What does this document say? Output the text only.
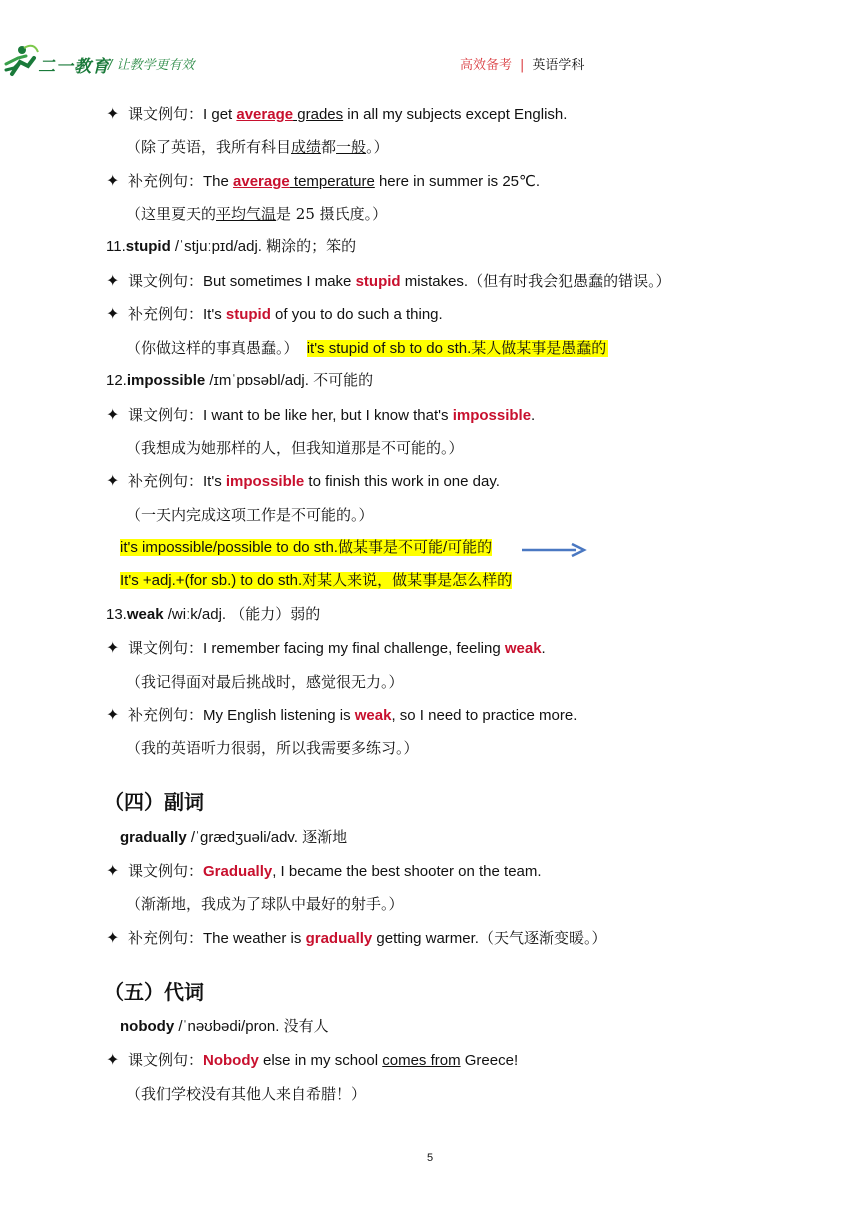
二一教育
/ 让教学更有效	高效备考 | 英语学科
✦ 课文例句：I get average grades in all my subjects except English.
（除了英语，我所有科目成绩都一般。）
✦ 补充例句：The average temperature here in summer is 25℃.
（这里夏天的平均气温是 25 摄氏度。）
11.stupid /ˈstjuːpɪd/adj. 糊涂的；笨的
✦ 课文例句：But sometimes I make stupid mistakes.（但有时我会犯愚蠢的错误。）
✦ 补充例句：It's stupid of you to do such a thing.
（你做这样的事真愚蠢。） it's stupid of sb to do sth.某人做某事是愚蠢的
12.impossible /ɪmˈpɒsəbl/adj. 不可能的
✦ 课文例句：I want to be like her, but I know that's impossible.
（我想成为她那样的人，但我知道那是不可能的。）
✦ 补充例句：It's impossible to finish this work in one day.
（一天内完成这项工作是不可能的。）
it's impossible/possible to do sth.做某事是不可能/可能的
It's +adj.+(for sb.) to do sth.对某人来说，做某事是怎么样的
13.weak /wiːk/adj. （能力）弱的
✦ 课文例句：I remember facing my final challenge, feeling weak.
（我记得面对最后挑战时，感觉很无力。）
✦ 补充例句：My English listening is weak, so I need to practice more.
（我的英语听力很弱，所以我需要多练习。）
（四）副词
gradually /ˈɡrædʒuəli/adv. 逐渐地
✦ 课文例句：Gradually, I became the best shooter on the team.
（渐渐地，我成为了球队中最好的射手。）
✦ 补充例句：The weather is gradually getting warmer.（天气逐渐变暖。）
（五）代词
nobody /ˈnəʊbədi/pron. 没有人
✦ 课文例句：Nobody else in my school comes from Greece!
（我们学校没有其他人来自希腊！）
5
